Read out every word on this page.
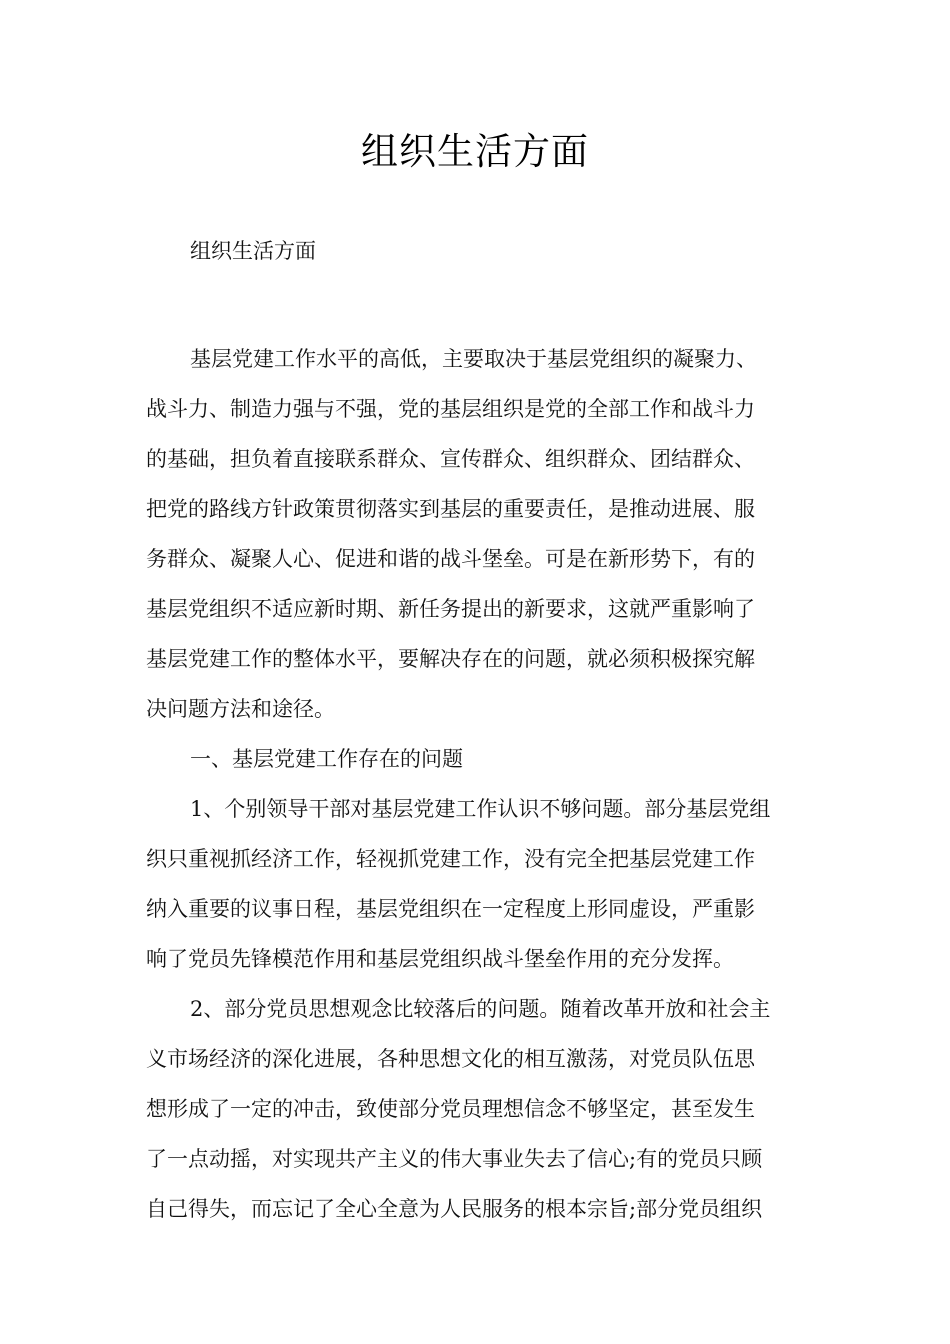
组织生活方面
组织生活方面
基层党建工作水平的高低，主要取决于基层党组织的凝聚力、
战斗力、制造力强与不强，党的基层组织是党的全部工作和战斗力
的基础，担负着直接联系群众、宣传群众、组织群众、团结群众、
把党的路线方针政策贯彻落实到基层的重要责任，是推动进展、服
务群众、凝聚人心、促进和谐的战斗堡垒。可是在新形势下，有的
基层党组织不适应新时期、新任务提出的新要求，这就严重影响了
基层党建工作的整体水平，要解决存在的问题，就必须积极探究解
决问题方法和途径。
一、基层党建工作存在的问题
1、个别领导干部对基层党建工作认识不够问题。部分基层党组
织只重视抓经济工作，轻视抓党建工作，没有完全把基层党建工作
纳入重要的议事日程，基层党组织在一定程度上形同虚设，严重影
响了党员先锋模范作用和基层党组织战斗堡垒作用的充分发挥。
2、部分党员思想观念比较落后的问题。随着改革开放和社会主
义市场经济的深化进展，各种思想文化的相互激荡，对党员队伍思
想形成了一定的冲击，致使部分党员理想信念不够坚定，甚至发生
了一点动摇，对实现共产主义的伟大事业失去了信心;有的党员只顾
自己得失，而忘记了全心全意为人民服务的根本宗旨;部分党员组织
